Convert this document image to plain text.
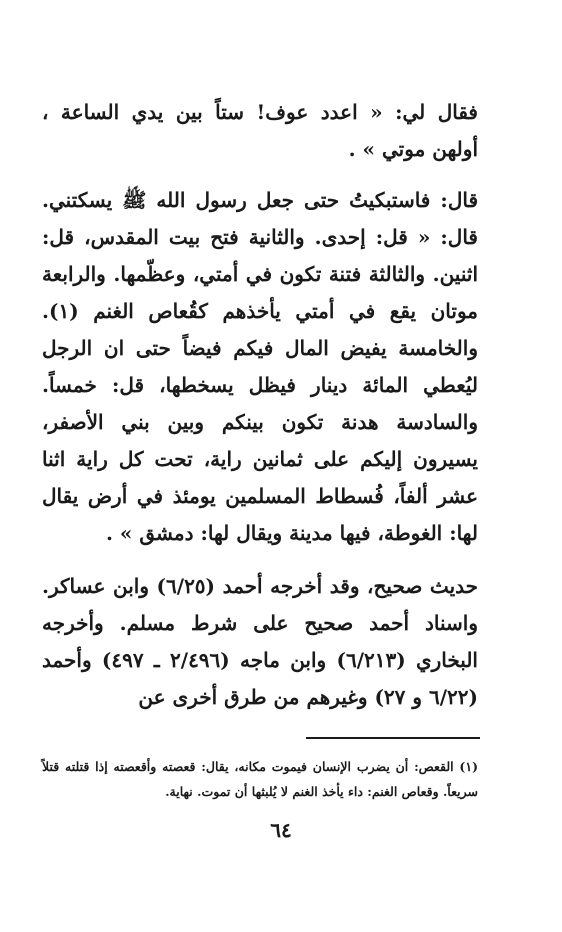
فقال لي: « اعدد عوف! ستاً بين يدي الساعة ، أولهن موتي » .

قال: فاستبكيتُ حتى جعل رسول الله ﷺ يسكتني. قال: « قل: إحدى. والثانية فتح بيت المقدس، قل: اثنين. والثالثة فتنة تكون في أمتي، وعظّمها. والرابعة موتان يقع في أمتي يأخذهم كقُعاص الغنم (١). والخامسة يفيض المال فيكم فيضاً حتى ان الرجل ليُعطي المائة دينار فيظل يسخطها، قل: خمساً. والسادسة هدنة تكون بينكم وبين بني الأصفر، يسيرون إليكم على ثمانين راية، تحت كل راية اثنا عشر ألفاً، فُسطاط المسلمين يومئذ في أرض يقال لها: الغوطة، فيها مدينة ويقال لها: دمشق » .

حديث صحيح، وقد أخرجه أحمد (٦/٢٥) وابن عساكر. واسناد أحمد صحيح على شرط مسلم. وأخرجه البخاري (٦/٢١٣) وابن ماجه (٢/٤٩٦ ـ ٤٩٧) وأحمد (٦/٢٢ و ٢٧) وغيرهم من طرق أخرى عن

(١) القعص: أن يضرب الإنسان فيموت مكانه، يقال: قعصته وأقعصته إذا قتلته قتلاً سريعاً. وقعاص الغنم: داء يأخذ الغنم لا يُلبثها أن تموت. نهاية.
٦٤
